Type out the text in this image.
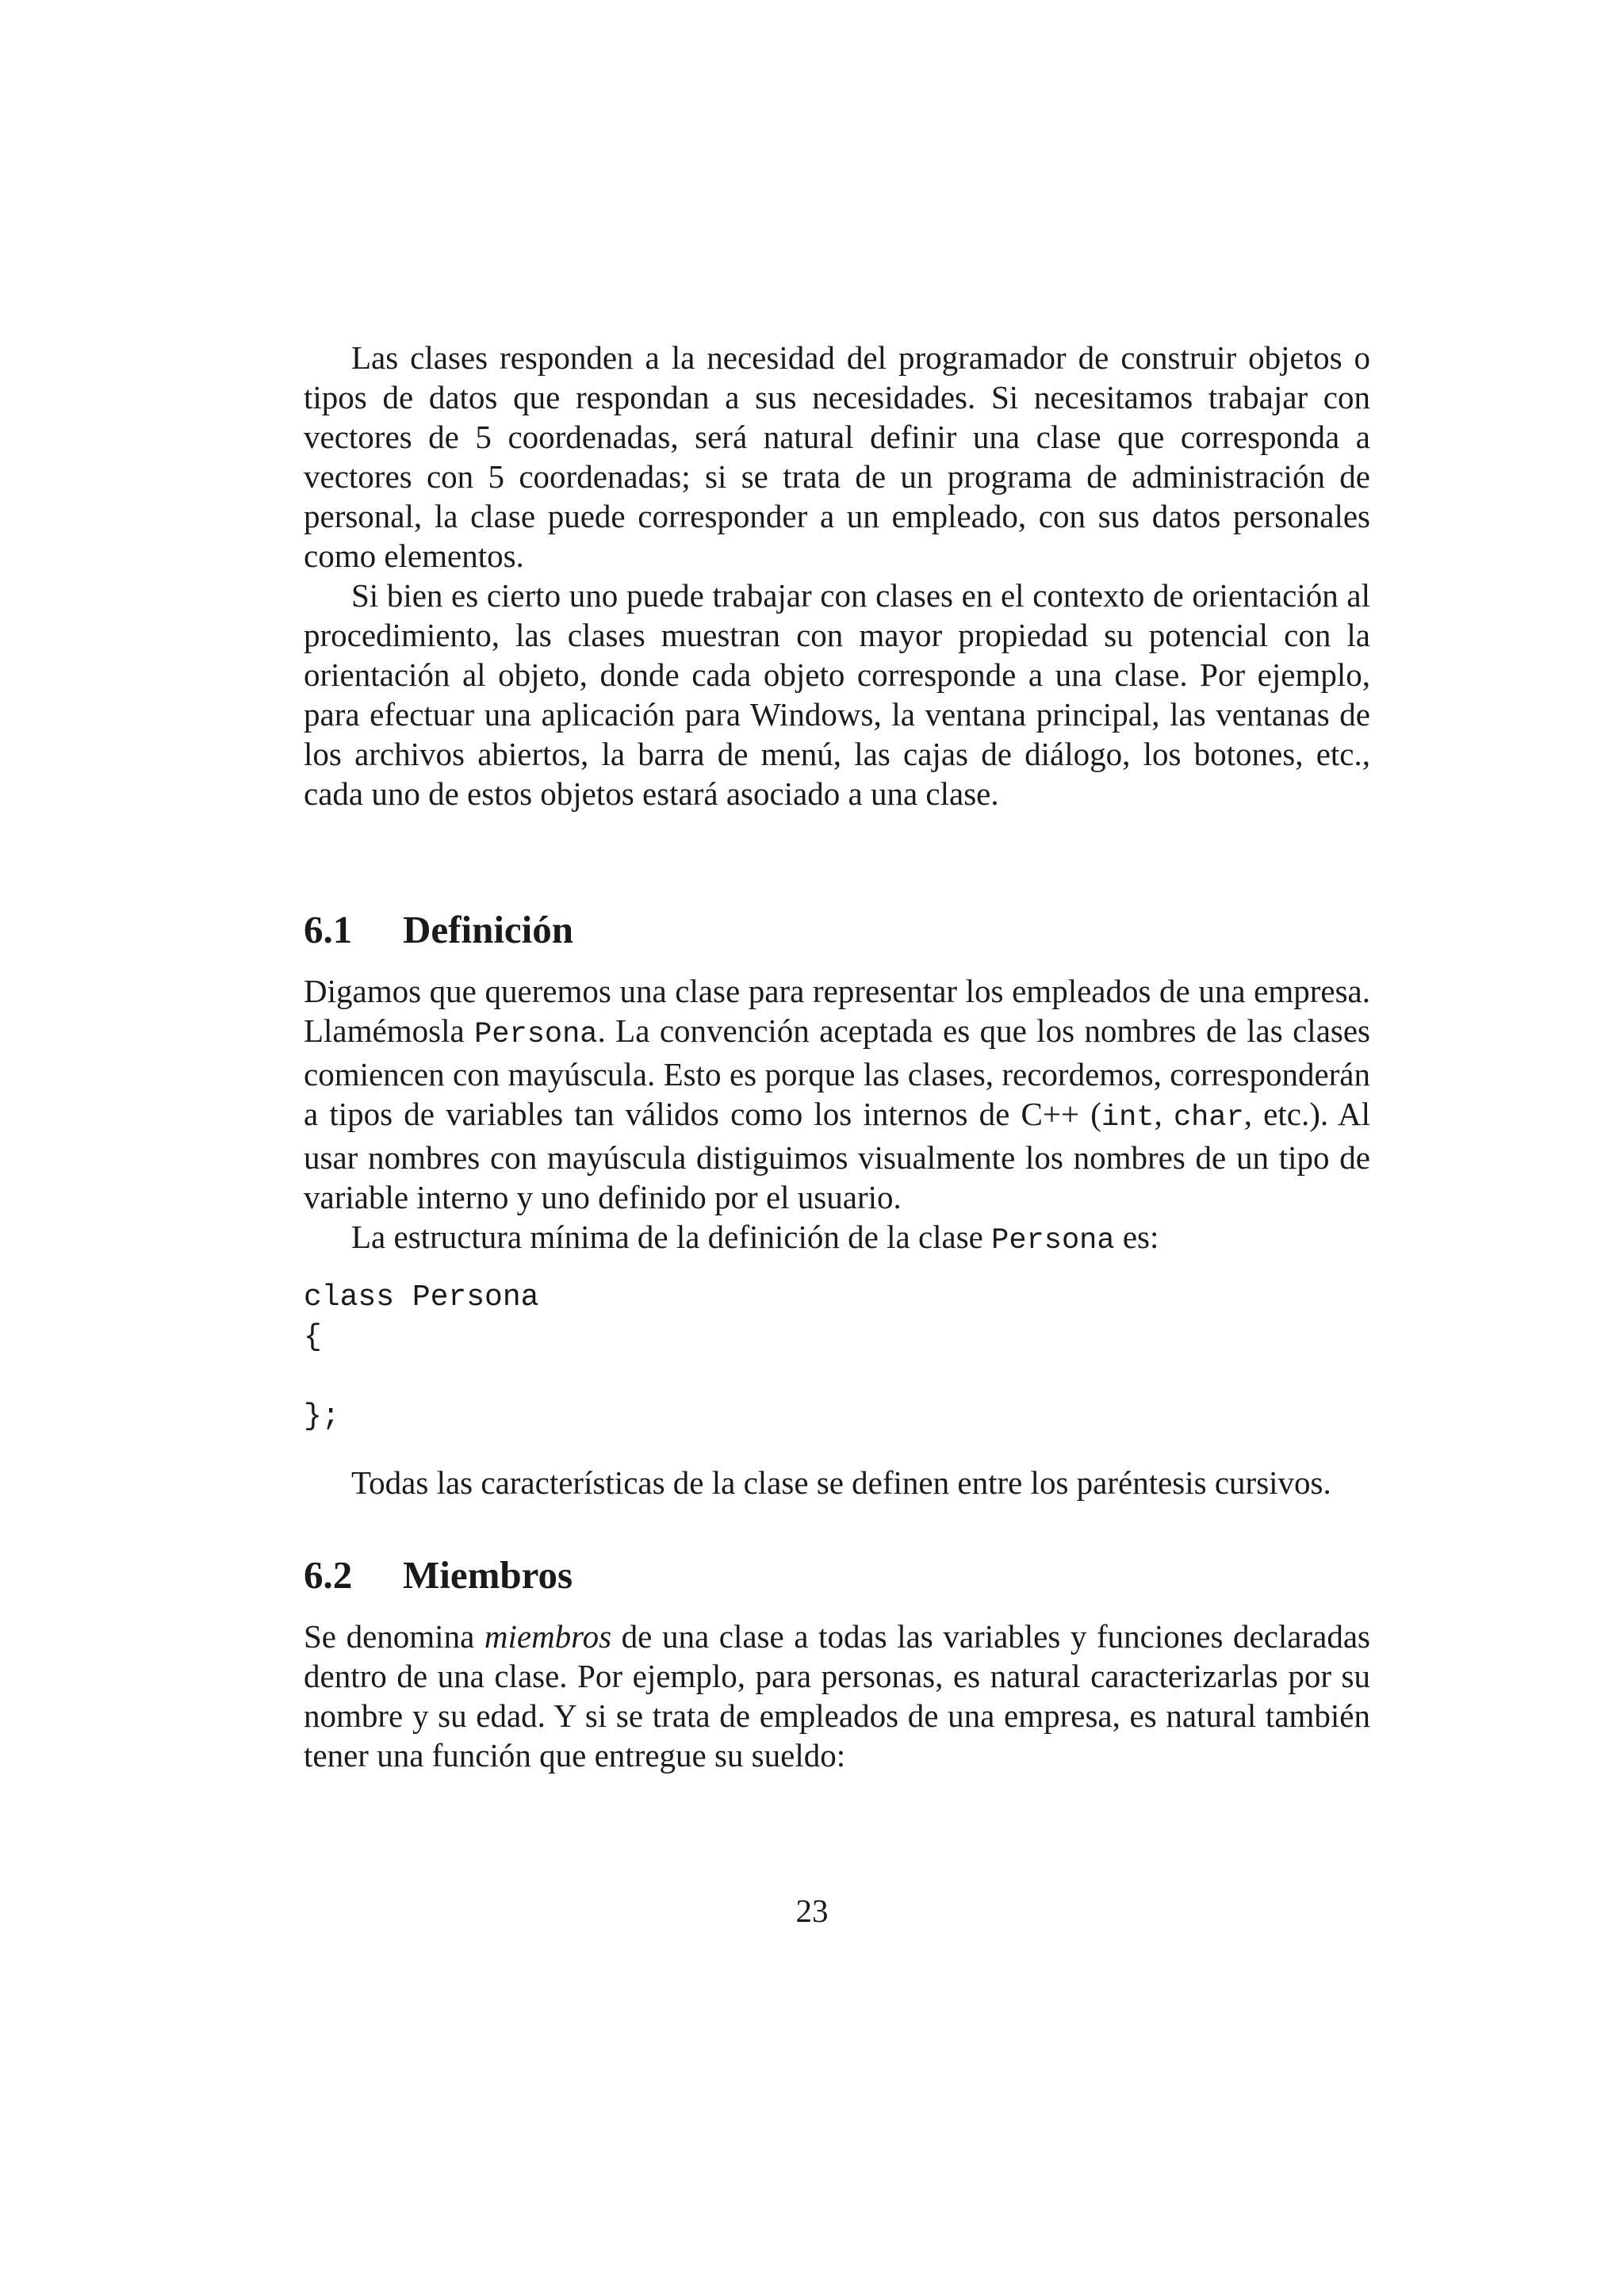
Las clases responden a la necesidad del programador de construir objetos o tipos de datos que respondan a sus necesidades. Si necesitamos trabajar con vectores de 5 coordenadas, será natural definir una clase que corresponda a vectores con 5 coordenadas; si se trata de un programa de administración de personal, la clase puede corresponder a un empleado, con sus datos personales como elementos.

Si bien es cierto uno puede trabajar con clases en el contexto de orientación al procedimiento, las clases muestran con mayor propiedad su potencial con la orientación al objeto, donde cada objeto corresponde a una clase. Por ejemplo, para efectuar una aplicación para Windows, la ventana principal, las ventanas de los archivos abiertos, la barra de menú, las cajas de diálogo, los botones, etc., cada uno de estos objetos estará asociado a una clase.

6.1 Definición

Digamos que queremos una clase para representar los empleados de una empresa. Llamémosla Persona. La convención aceptada es que los nombres de las clases comiencen con mayúscula. Esto es porque las clases, recordemos, corresponderán a tipos de variables tan válidos como los internos de C++ (int, char, etc.). Al usar nombres con mayúscula distiguimos visualmente los nombres de un tipo de variable interno y uno definido por el usuario.

La estructura mínima de la definición de la clase Persona es:

class Persona
{
};

Todas las características de la clase se definen entre los paréntesis cursivos.

6.2 Miembros

Se denomina miembros de una clase a todas las variables y funciones declaradas dentro de una clase. Por ejemplo, para personas, es natural caracterizarlas por su nombre y su edad. Y si se trata de empleados de una empresa, es natural también tener una función que entregue su sueldo:

23
